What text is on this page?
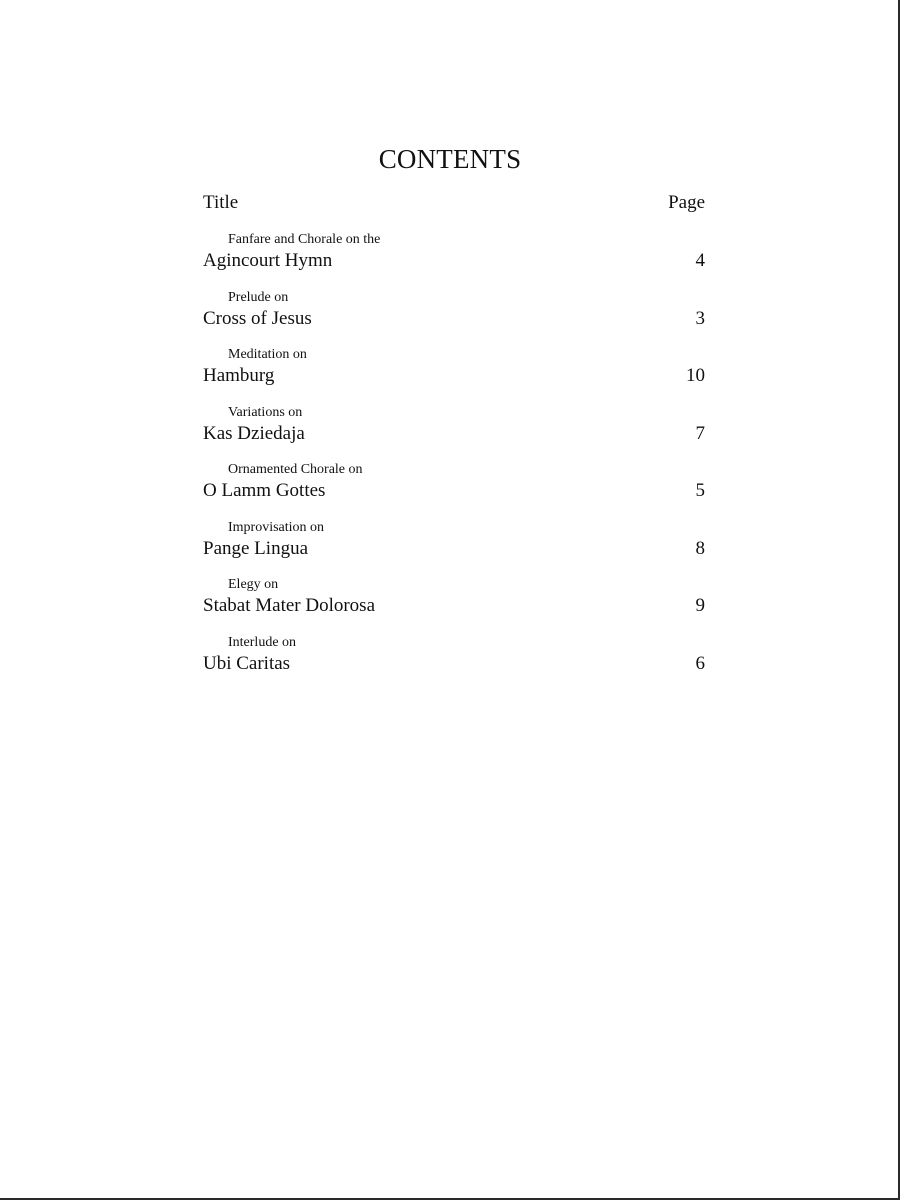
CONTENTS
Title	Page
Fanfare and Chorale on the
Agincourt Hymn	4
Prelude on
Cross of Jesus	3
Meditation on
Hamburg	10
Variations on
Kas Dziedaja	7
Ornamented Chorale on
O Lamm Gottes	5
Improvisation on
Pange Lingua	8
Elegy on
Stabat Mater Dolorosa	9
Interlude on
Ubi Caritas	6
